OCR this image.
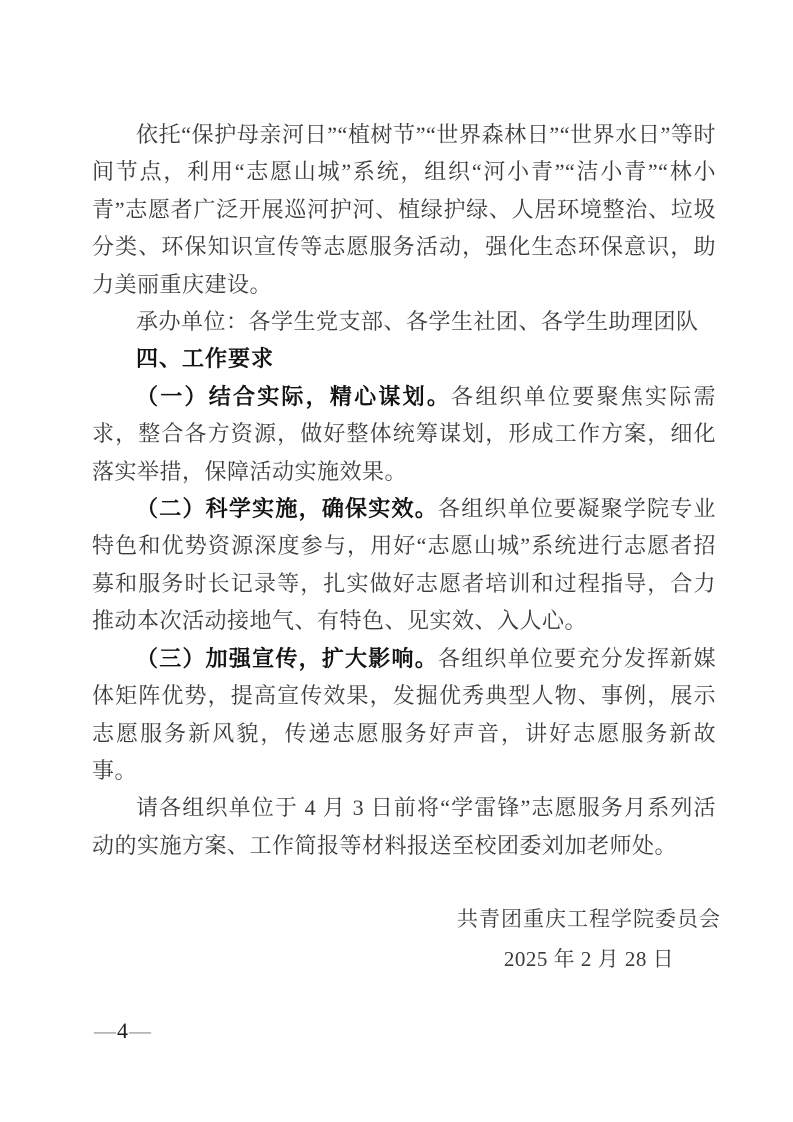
依托“保护母亲河日”“植树节”“世界森林日”“世界水日”等时间节点，利用“志愿山城”系统，组织“河小青”“洁小青”“林小青”志愿者广泛开展巡河护河、植绿护绿、人居环境整治、垃圾分类、环保知识宣传等志愿服务活动，强化生态环保意识，助力美丽重庆建设。

承办单位：各学生党支部、各学生社团、各学生助理团队

四、工作要求

（一）结合实际，精心谋划。各组织单位要聚焦实际需求，整合各方资源，做好整体统筹谋划，形成工作方案，细化落实举措，保障活动实施效果。

（二）科学实施，确保实效。各组织单位要凝聚学院专业特色和优势资源深度参与，用好“志愿山城”系统进行志愿者招募和服务时长记录等，扎实做好志愿者培训和过程指导，合力推动本次活动接地气、有特色、见实效、入人心。

（三）加强宣传，扩大影响。各组织单位要充分发挥新媒体矩阵优势，提高宣传效果，发掘优秀典型人物、事例，展示志愿服务新风貌，传递志愿服务好声音，讲好志愿服务新故事。

请各组织单位于 4 月 3 日前将“学雷锋”志愿服务月系列活动的实施方案、工作简报等材料报送至校团委刘加老师处。

共青团重庆工程学院委员会
2025 年 2 月 28 日
—4—
